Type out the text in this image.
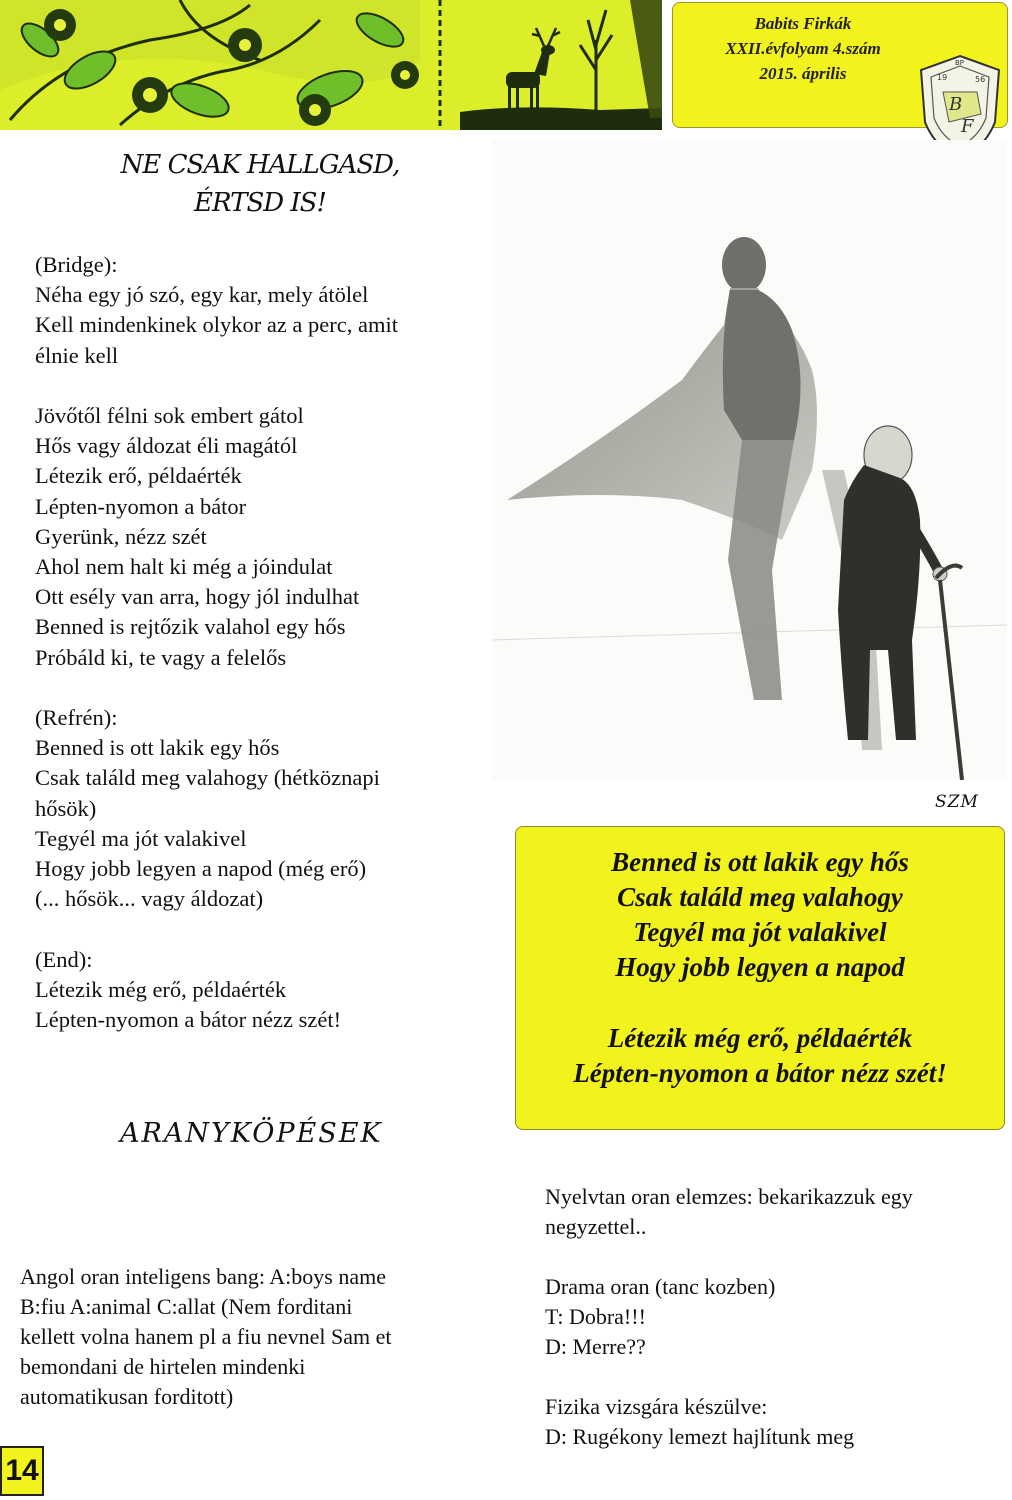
Babits Firkák
XXII.évfolyam 4.szám
2015. április
B
F
19	56
BP
NE CSAK HALLGASD,
ÉRTSD IS!
(Bridge):
Néha egy jó szó, egy kar, mely átölel
Kell mindenkinek olykor az a perc, amit
élnie kell

Jövőtől félni sok embert gátol
Hős vagy áldozat éli magától
Létezik erő, példaérték
Lépten-nyomon a bátor
Gyerünk, nézz szét
Ahol nem halt ki még a jóindulat
Ott esély van arra, hogy jól indulhat
Benned is rejtőzik valahol egy hős
Próbáld ki, te vagy a felelős

(Refrén):
Benned is ott lakik egy hős
Csak találd meg valahogy (hétköznapi
hősök)
Tegyél ma jót valakivel
Hogy jobb legyen a napod (még erő)
(... hősök... vagy áldozat)

(End):
Létezik még erő, példaérték
Lépten-nyomon a bátor nézz szét!
SZM
Benned is ott lakik egy hős
Csak találd meg valahogy
Tegyél ma jót valakivel
Hogy jobb legyen a napod
Létezik még erő, példaérték
Lépten-nyomon a bátor nézz szét!
ARANYKÖPÉSEK
Angol oran inteligens bang: A:boys name
B:fiu A:animal C:allat (Nem forditani
kellett volna hanem pl a fiu nevnel Sam et
bemondani de hirtelen mindenki
automatikusan forditott)
Nyelvtan oran elemzes: bekarikazzuk egy
negyzettel..

Drama oran (tanc kozben)
T: Dobra!!!
D: Merre??

Fizika vizsgára készülve:
D: Rugékony lemezt hajlítunk meg
14
